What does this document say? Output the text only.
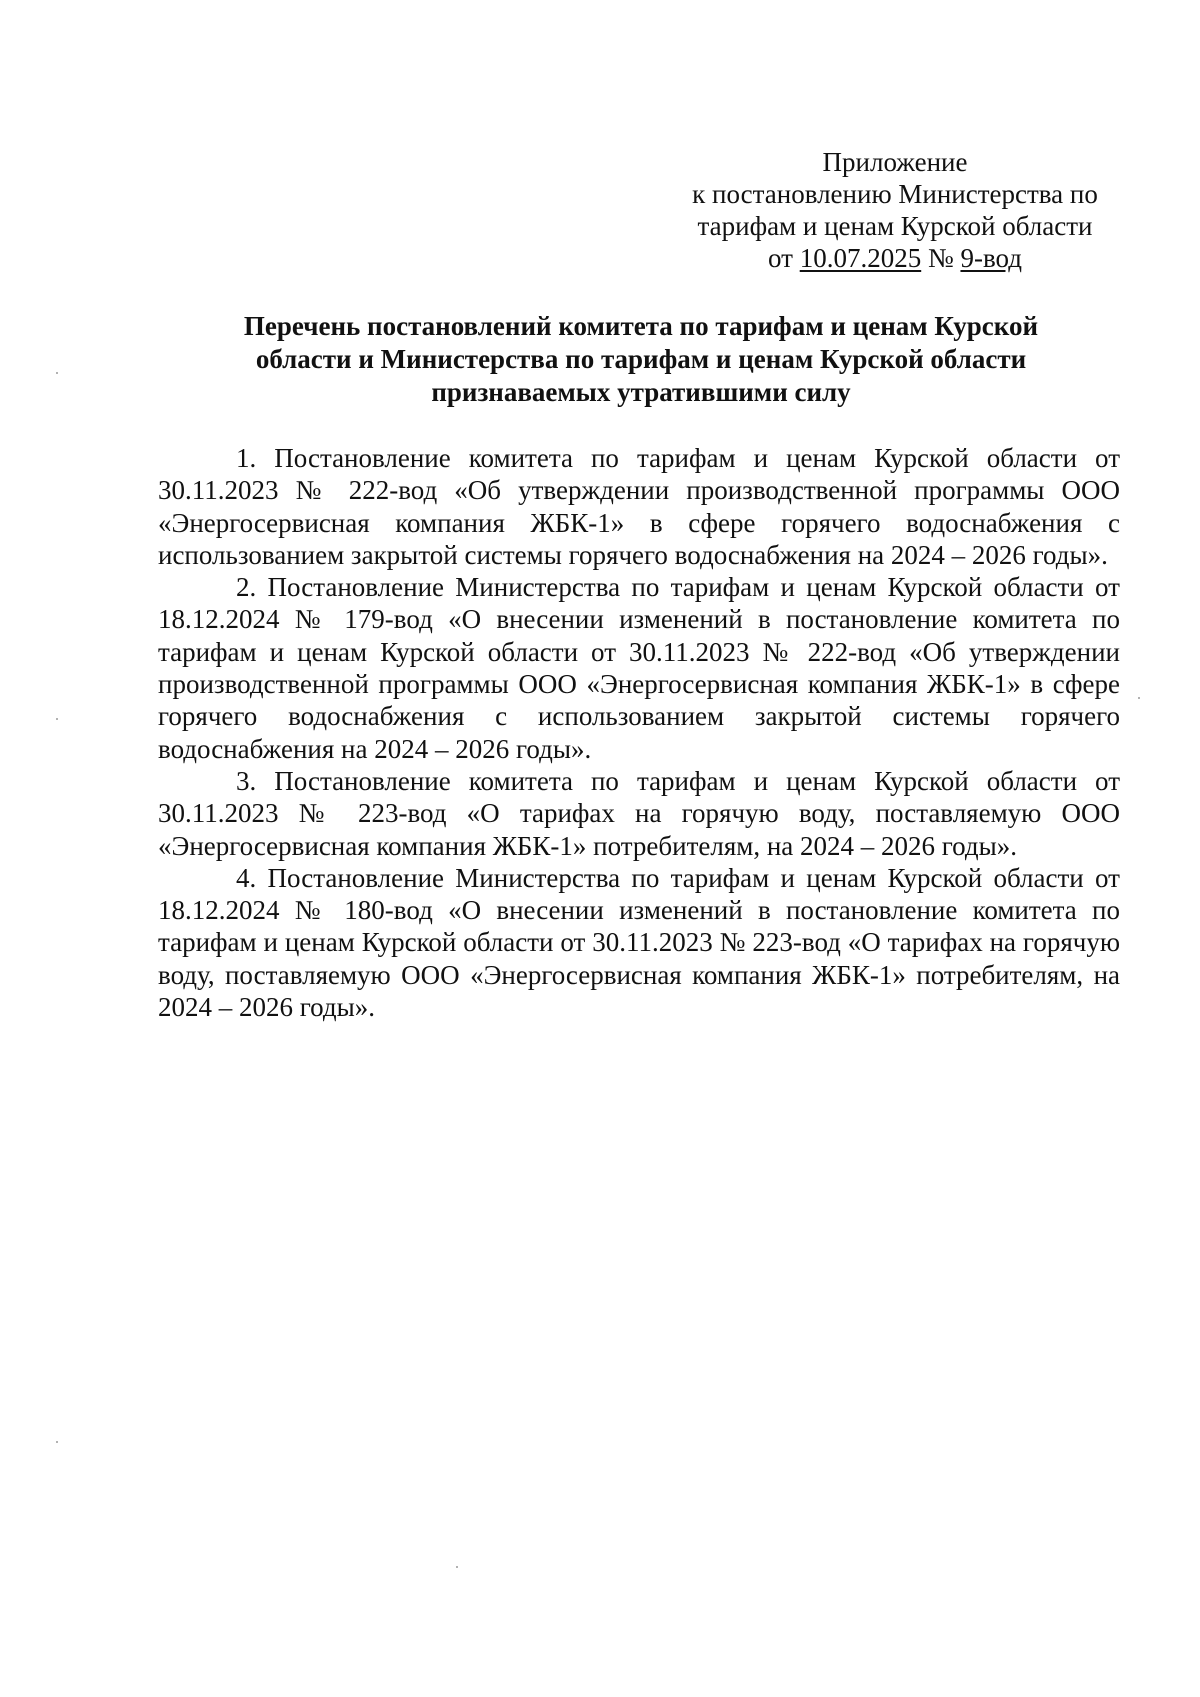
Приложение
к постановлению Министерства по
тарифам и ценам Курской области
от 10.07.2025 № 9-вод
Перечень постановлений комитета по тарифам и ценам Курской
области и Министерства по тарифам и ценам Курской области
признаваемых утратившими силу

1. Постановление комитета по тарифам и ценам Курской области от 30.11.2023 № 222-вод «Об утверждении производственной программы ООО «Энергосервисная компания ЖБК-1» в сфере горячего водоснабжения с использованием закрытой системы горячего водоснабжения на 2024 – 2026 годы».

2. Постановление Министерства по тарифам и ценам Курской области от 18.12.2024 № 179-вод «О внесении изменений в постановление комитета по тарифам и ценам Курской области от 30.11.2023 № 222-вод «Об утверждении производственной программы ООО «Энергосервисная компания ЖБК-1» в сфере горячего водоснабжения с использованием закрытой системы горячего водоснабжения на 2024 – 2026 годы».

3. Постановление комитета по тарифам и ценам Курской области от 30.11.2023 № 223-вод «О тарифах на горячую воду, поставляемую ООО «Энергосервисная компания ЖБК-1» потребителям, на 2024 – 2026 годы».

4. Постановление Министерства по тарифам и ценам Курской области от 18.12.2024 № 180-вод «О внесении изменений в постановление комитета по тарифам и ценам Курской области от 30.11.2023 № 223-вод «О тарифах на горячую воду, поставляемую ООО «Энергосервисная компания ЖБК-1» потребителям, на 2024 – 2026 годы».
